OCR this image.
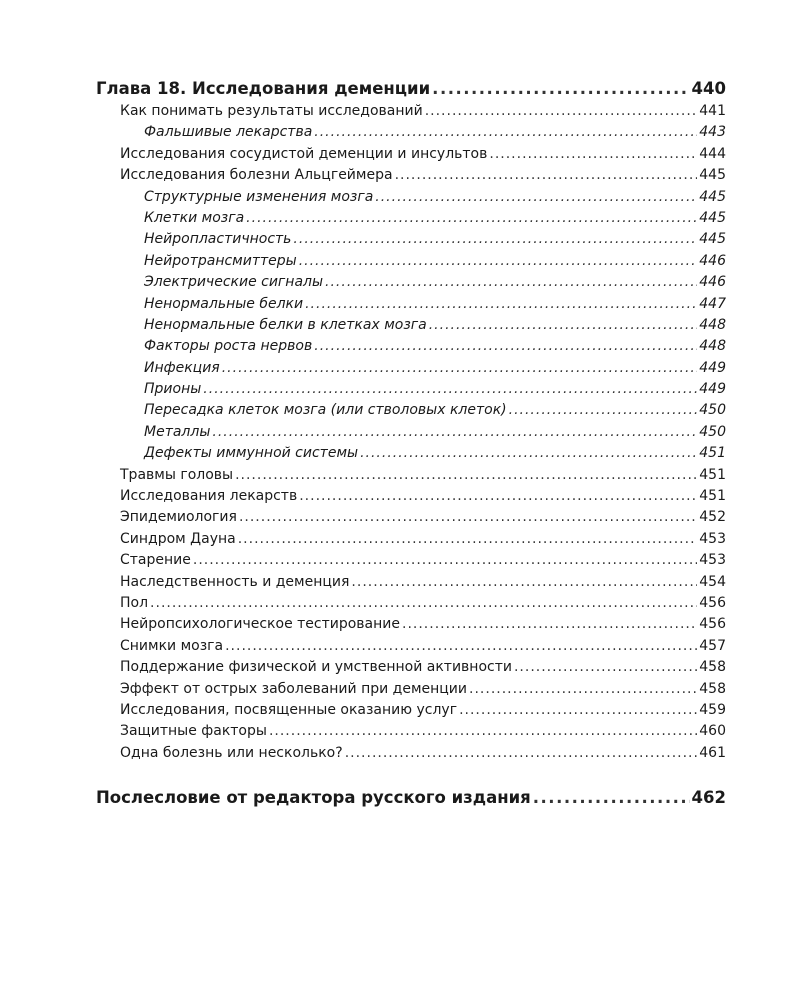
Глава 18. Исследования деменции .....	440
Как понимать результаты исследований .....	441
Фальшивые лекарства .....	443
Исследования сосудистой деменции и инсультов .....	444
Исследования болезни Альцгеймера .....	445
Структурные изменения мозга .....	445
Клетки мозга .....	445
Нейропластичность .....	445
Нейротрансмиттеры .....	446
Электрические сигналы .....	446
Ненормальные белки .....	447
Ненормальные белки в клетках мозга .....	448
Факторы роста нервов .....	448
Инфекция .....	449
Прионы .....	449
Пересадка клеток мозга (или стволовых клеток) .....	450
Металлы .....	450
Дефекты иммунной системы .....	451
Травмы головы .....	451
Исследования лекарств .....	451
Эпидемиология .....	452
Синдром Дауна .....	453
Старение .....	453
Наследственность и деменция .....	454
Пол .....	456
Нейропсихологическое тестирование .....	456
Снимки мозга .....	457
Поддержание физической и умственной активности .....	458
Эффект от острых заболеваний при деменции .....	458
Исследования, посвященные оказанию услуг .....	459
Защитные факторы .....	460
Одна болезнь или несколько? .....	461
Послесловие от редактора русского издания .....	462
